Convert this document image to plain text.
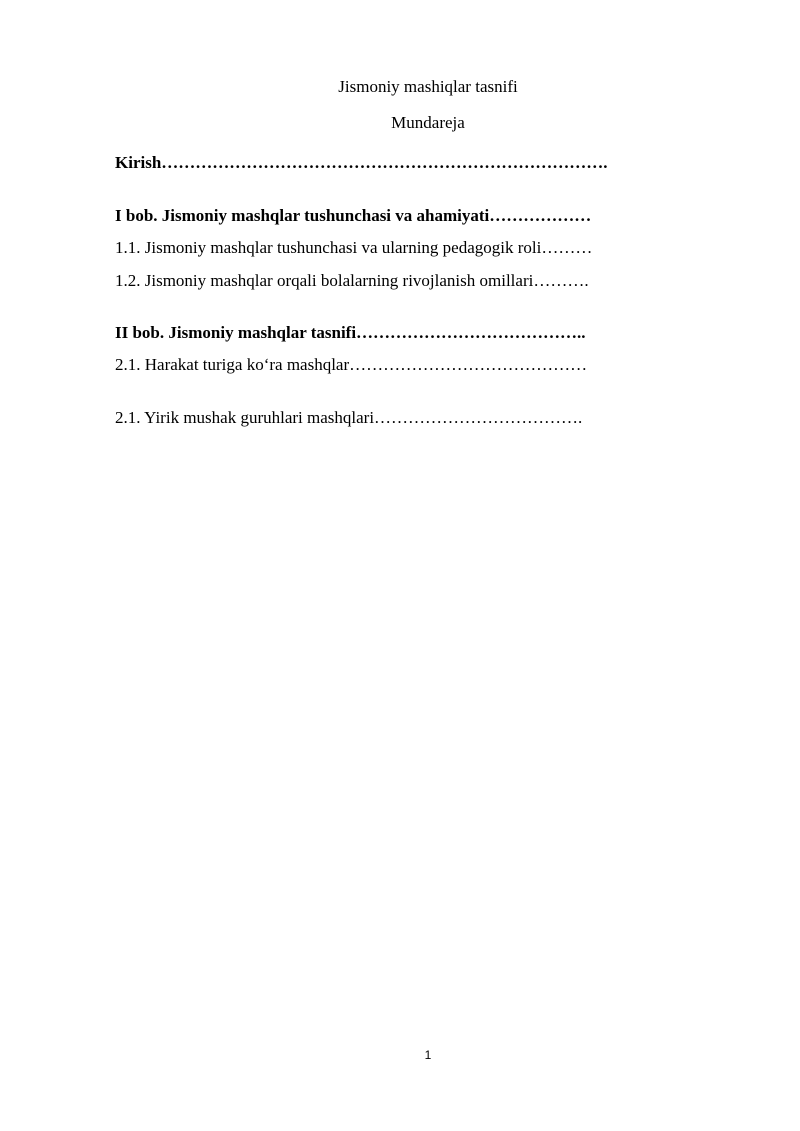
Jismoniy mashiqlar tasnifi
Mundareja
Kirish…………………………………………………………………….
I bob. Jismoniy mashqlar tushunchasi va ahamiyati………………
1.1. Jismoniy mashqlar tushunchasi va ularning pedagogik roli………
1.2. Jismoniy mashqlar orqali bolalarning rivojlanish omillari……….
II bob. Jismoniy mashqlar tasnifi…………………………………..
2.1. Harakat turiga ko‘ra mashqlar……………………………………
2.1. Yirik mushak guruhlari mashqlari……………………………….
1
